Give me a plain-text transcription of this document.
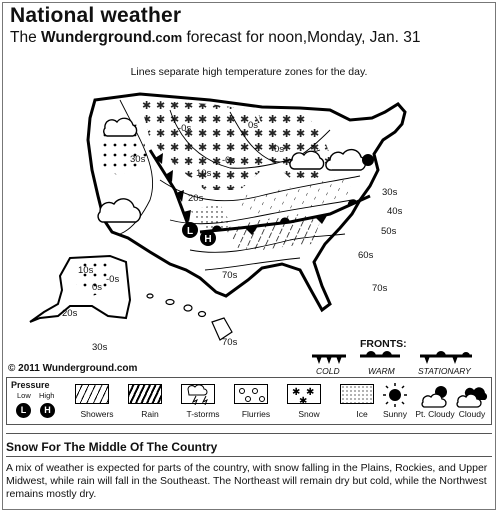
National weather
The Wunderground.com forecast for noon,Monday, Jan. 31
Lines separate high temperature zones for the day.
L
H
-0s
-0s
0s
0s
10s
30s
20s
30s
40s
50s
60s
70s
70s
10s
0s
-0s
20s
30s	70s
© 2011 Wunderground.com
FRONTS:
COLD	WARM	STATIONARY
Pressure
Low High
L	H	Showers	Rain	T-storms	Flurries
✱ ✱
✱
Snow	Ice	Sunny Pt. Cloudy Cloudy
Snow For The Middle Of The Country
A mix of weather is expected for parts of the country, with snow falling in the Plains, Rockies, and Upper Midwest, while rain will fall in the Southeast. The Northeast will remain dry but cold, while the Northwest remains mostly dry.
